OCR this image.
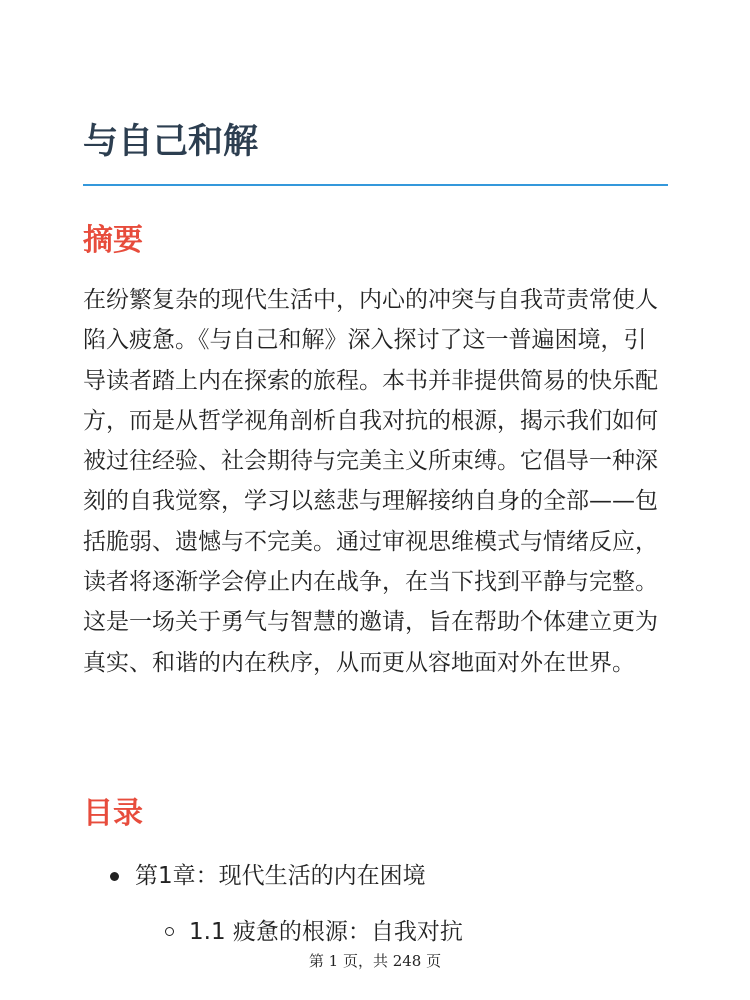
与自己和解
摘要

在纷繁复杂的现代生活中，内心的冲突与自我苛责常使人陷入疲惫。《与自己和解》深入探讨了这一普遍困境，引导读者踏上内在探索的旅程。本书并非提供简易的快乐配方，而是从哲学视角剖析自我对抗的根源，揭示我们如何被过往经验、社会期待与完美主义所束缚。它倡导一种深刻的自我觉察，学习以慈悲与理解接纳自身的全部——包括脆弱、遗憾与不完美。通过审视思维模式与情绪反应，读者将逐渐学会停止内在战争，在当下找到平静与完整。这是一场关于勇气与智慧的邀请，旨在帮助个体建立更为真实、和谐的内在秩序，从而更从容地面对外在世界。

目录
第1章：现代生活的内在困境
1.1 疲惫的根源：自我对抗
第 1 页，共 248 页
